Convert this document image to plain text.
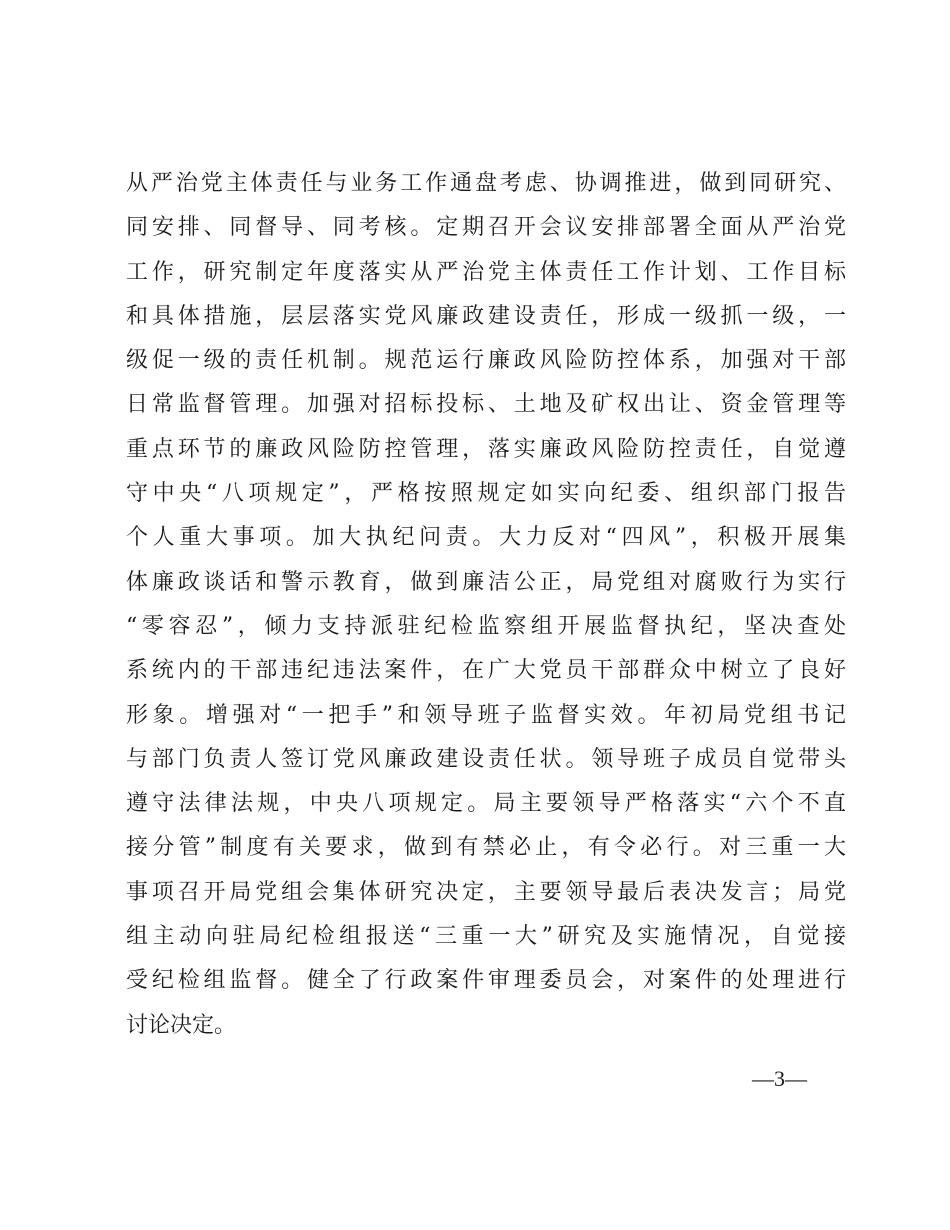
从严治党主体责任与业务工作通盘考虑、协调推进，做到同研究、
同安排、同督导、同考核。定期召开会议安排部署全面从严治党
工作，研究制定年度落实从严治党主体责任工作计划、工作目标
和具体措施，层层落实党风廉政建设责任，形成一级抓一级，一
级促一级的责任机制。规范运行廉政风险防控体系，加强对干部
日常监督管理。加强对招标投标、土地及矿权出让、资金管理等
重点环节的廉政风险防控管理，落实廉政风险防控责任，自觉遵
守中央“八项规定”，严格按照规定如实向纪委、组织部门报告
个人重大事项。加大执纪问责。大力反对“四风”，积极开展集
体廉政谈话和警示教育，做到廉洁公正，局党组对腐败行为实行
“零容忍”，倾力支持派驻纪检监察组开展监督执纪，坚决查处
系统内的干部违纪违法案件，在广大党员干部群众中树立了良好
形象。增强对“一把手”和领导班子监督实效。年初局党组书记
与部门负责人签订党风廉政建设责任状。领导班子成员自觉带头
遵守法律法规，中央八项规定。局主要领导严格落实“六个不直
接分管”制度有关要求，做到有禁必止，有令必行。对三重一大
事项召开局党组会集体研究决定，主要领导最后表决发言；局党
组主动向驻局纪检组报送“三重一大”研究及实施情况，自觉接
受纪检组监督。健全了行政案件审理委员会，对案件的处理进行
讨论决定。
—3—
